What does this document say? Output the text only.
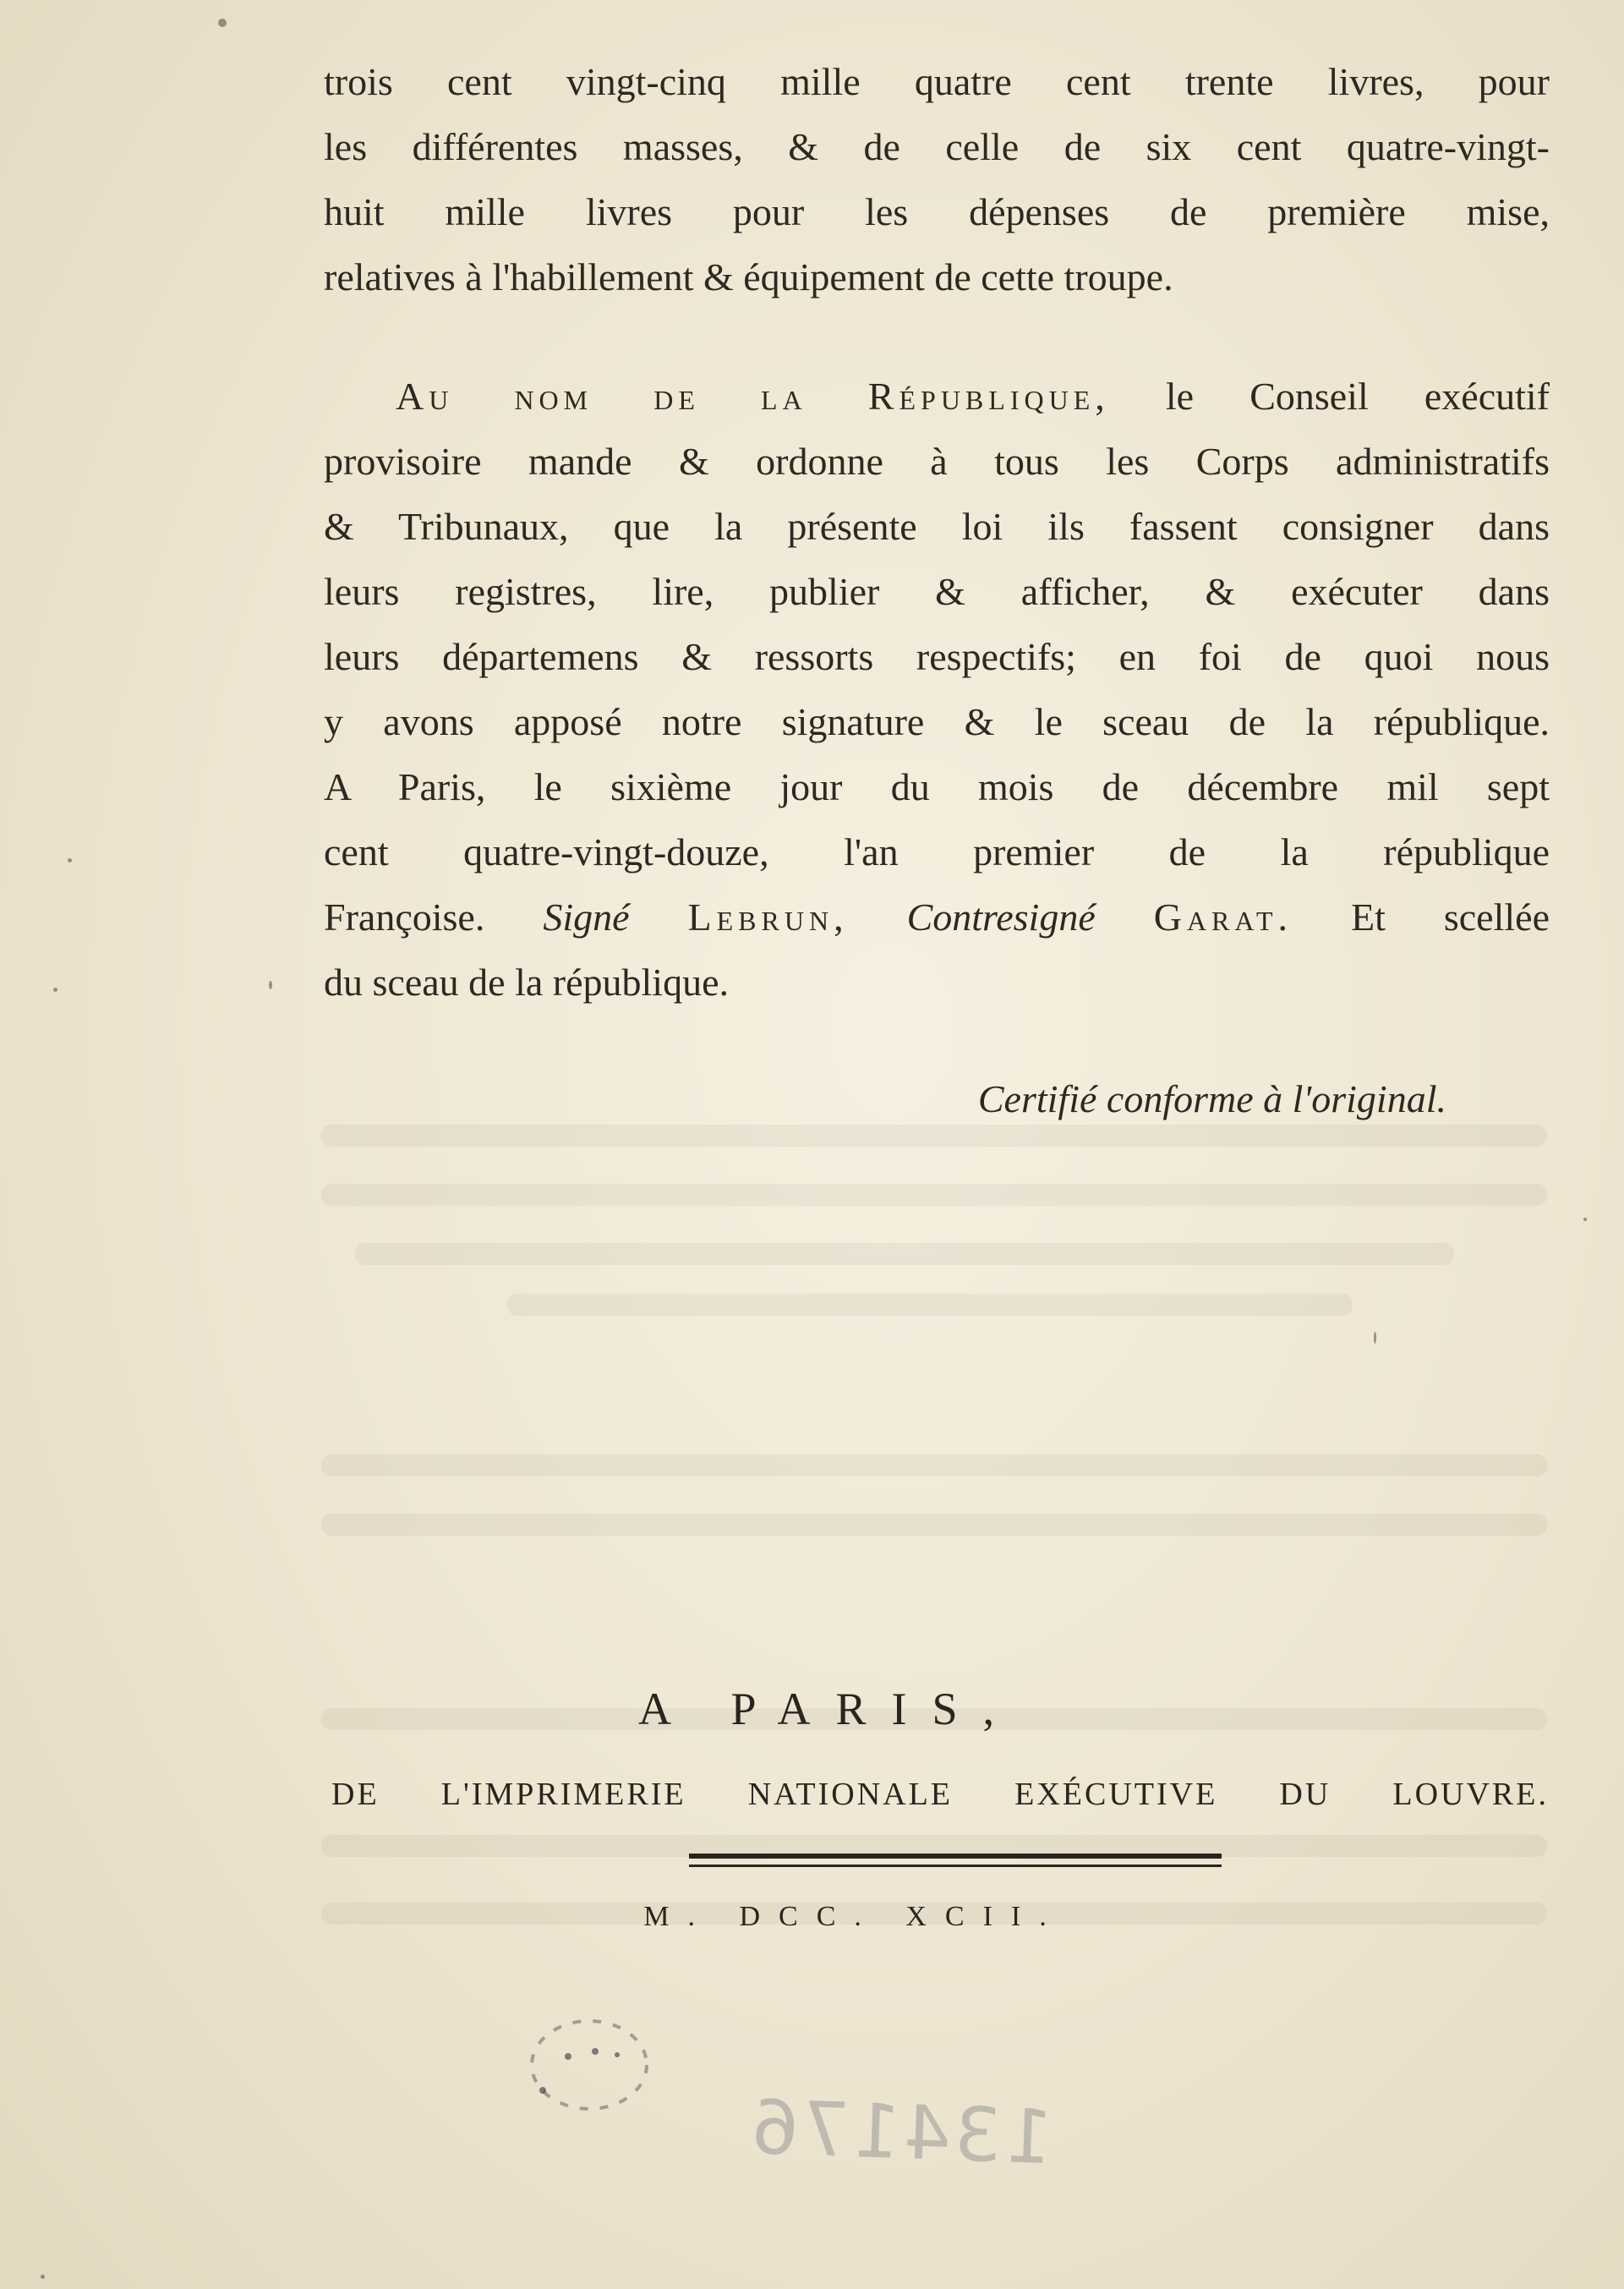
trois cent vingt-cinq mille quatre cent trente livres, pour
les différentes masses, & de celle de six cent quatre-vingt-
huit mille livres pour les dépenses de première mise,
relatives à l'habillement & équipement de cette troupe.
Au nom de la République, le Conseil exécutif
provisoire mande & ordonne à tous les Corps administratifs
& Tribunaux, que la présente loi ils fassent consigner dans
leurs registres, lire, publier & afficher, & exécuter dans
leurs départemens & ressorts respectifs; en foi de quoi nous
y avons apposé notre signature & le sceau de la république.
A Paris, le sixième jour du mois de décembre mil sept
cent quatre-vingt-douze, l'an premier de la république
Françoise. Signé Lebrun, Contresigné Garat. Et scellée
du sceau de la république.
Certifié conforme à l'original.
A PARIS,
DE L'IMPRIMERIE NATIONALE EXÉCUTIVE DU LOUVRE.
M. DCC. XCII.
134176
